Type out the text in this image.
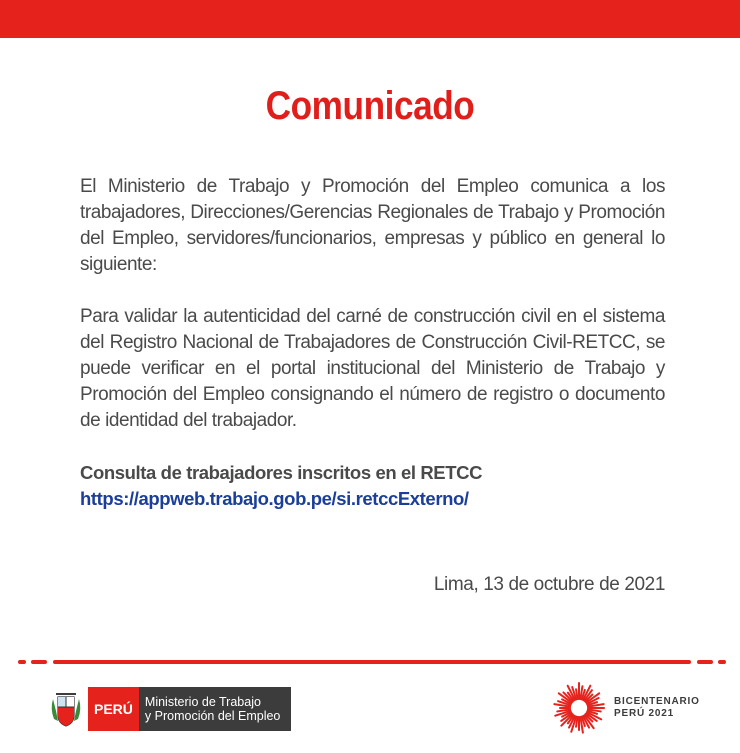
Comunicado
El Ministerio de Trabajo y Promoción del Empleo comunica a los trabajadores, Direcciones/Gerencias Regionales de Trabajo y Promoción del Empleo, servidores/funcionarios, empresas y público en general lo siguiente:
Para validar la autenticidad del carné de construcción civil en el sistema del Registro Nacional de Trabajadores de Construcción Civil-RETCC, se puede verificar en el portal institucional del Ministerio de Trabajo y Promoción del Empleo consignando el número de registro o documento de identidad del trabajador.
Consulta de trabajadores inscritos en el RETCC
https://appweb.trabajo.gob.pe/si.retccExterno/
Lima, 13 de octubre de 2021
PERÚ Ministerio de Trabajo
y Promoción del Empleo
BICENTENARIO
PERÚ 2021
